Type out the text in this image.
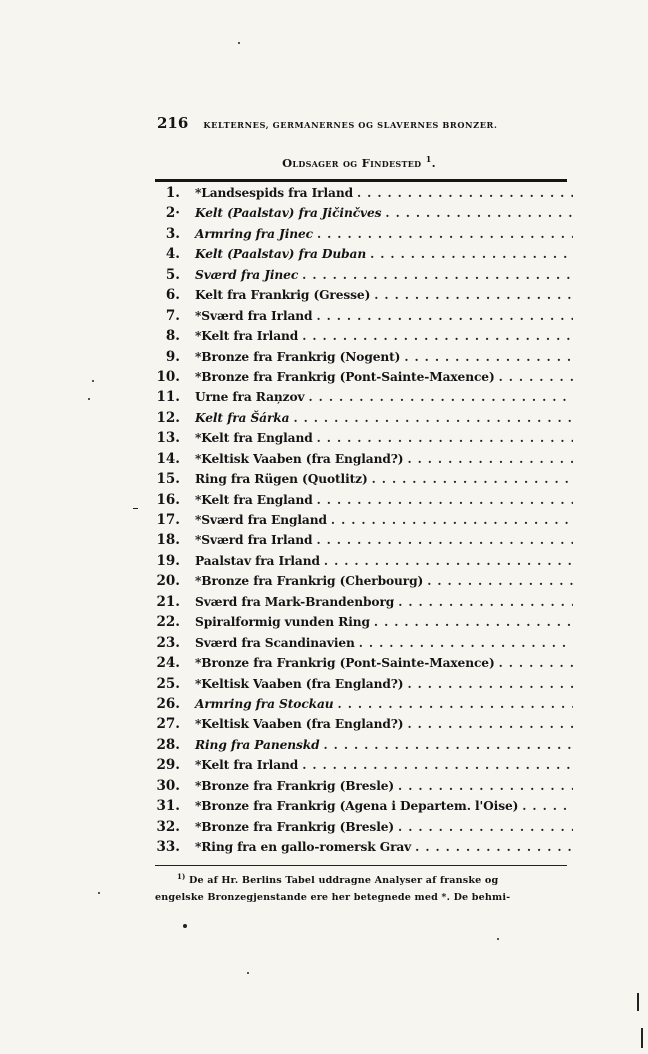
216 KELTERNES, GERMANERNES OG SLAVERNES BRONZER.
Oldsager og Findested $^1$.
1. *Landsespids fra Irland
. . .
2· Kelt (Paalstav) fra Jičinčves
. . .
3. Armring fra Jinec
. . .
4. Kelt (Paalstav) fra Duban
. . .
5. Sværd fra Jinec
. . .
6. Kelt fra Frankrig (Gresse)
. . .
7. *Sværd fra Irland
. . .
8. *Kelt fra Irland
. . .
9. *Bronze fra Frankrig (Nogent)
. . .
10. *Bronze fra Frankrig (Pont-Sainte-Maxence)
. . .
11. Urne fra Raņzov
. . .
12. Kelt fra Šárka
. . .
13. *Kelt fra England
. . .
14. *Keltisk Vaaben (fra England?)
. . .
15. Ring fra Rügen (Quotlitz)
. . .
16. *Kelt fra England
. . .
17. *Sværd fra England
. . .
18. *Sværd fra Irland
. . .
19. Paalstav fra Irland
. . .
20. *Bronze fra Frankrig (Cherbourg)
. . .
21. Sværd fra Mark-Brandenborg
. . .
22. Spiralformig vunden Ring
. . .
23. Sværd fra Scandinavien
. . .
24. *Bronze fra Frankrig (Pont-Sainte-Maxence)
. . .
25. *Keltisk Vaaben (fra England?)
. . .
26. Armring fra Stockau
. . .
27. *Keltisk Vaaben (fra England?)
. . .
28. Ring fra Panenskd
. . .
29. *Kelt fra Irland
. . .
30. *Bronze fra Frankrig (Bresle)
. . .
31. *Bronze fra Frankrig (Agena i Departem. l'Oise)
. . .
32. *Bronze fra Frankrig (Bresle)
. . .
33. *Ring fra en gallo-romersk Grav
. . .
$^{1)}$ De af Hr. Berlins Tabel uddragne Analyser af franske og
engelske Bronzegjenstande ere her betegnede med *. De behmi-
